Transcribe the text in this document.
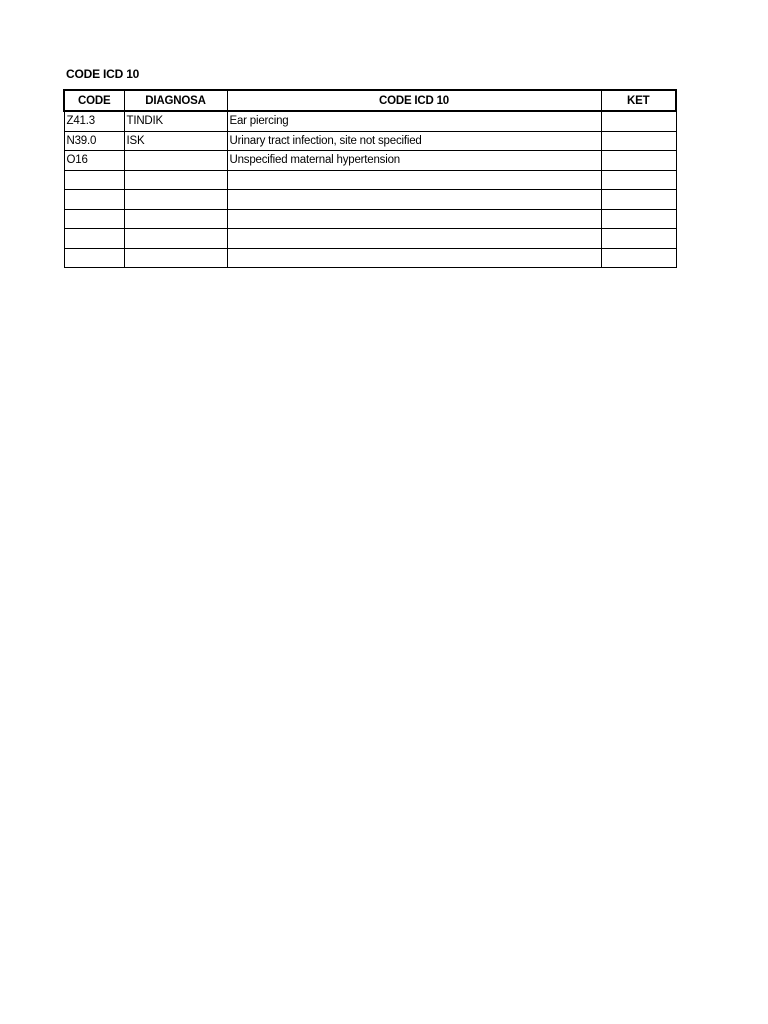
CODE ICD 10
CODE	DIAGNOSA	CODE ICD 10	KET
Z41.3	TINDIK	Ear piercing	
N39.0	ISK	Urinary tract infection, site not specified	
O16		Unspecified maternal hypertension	
